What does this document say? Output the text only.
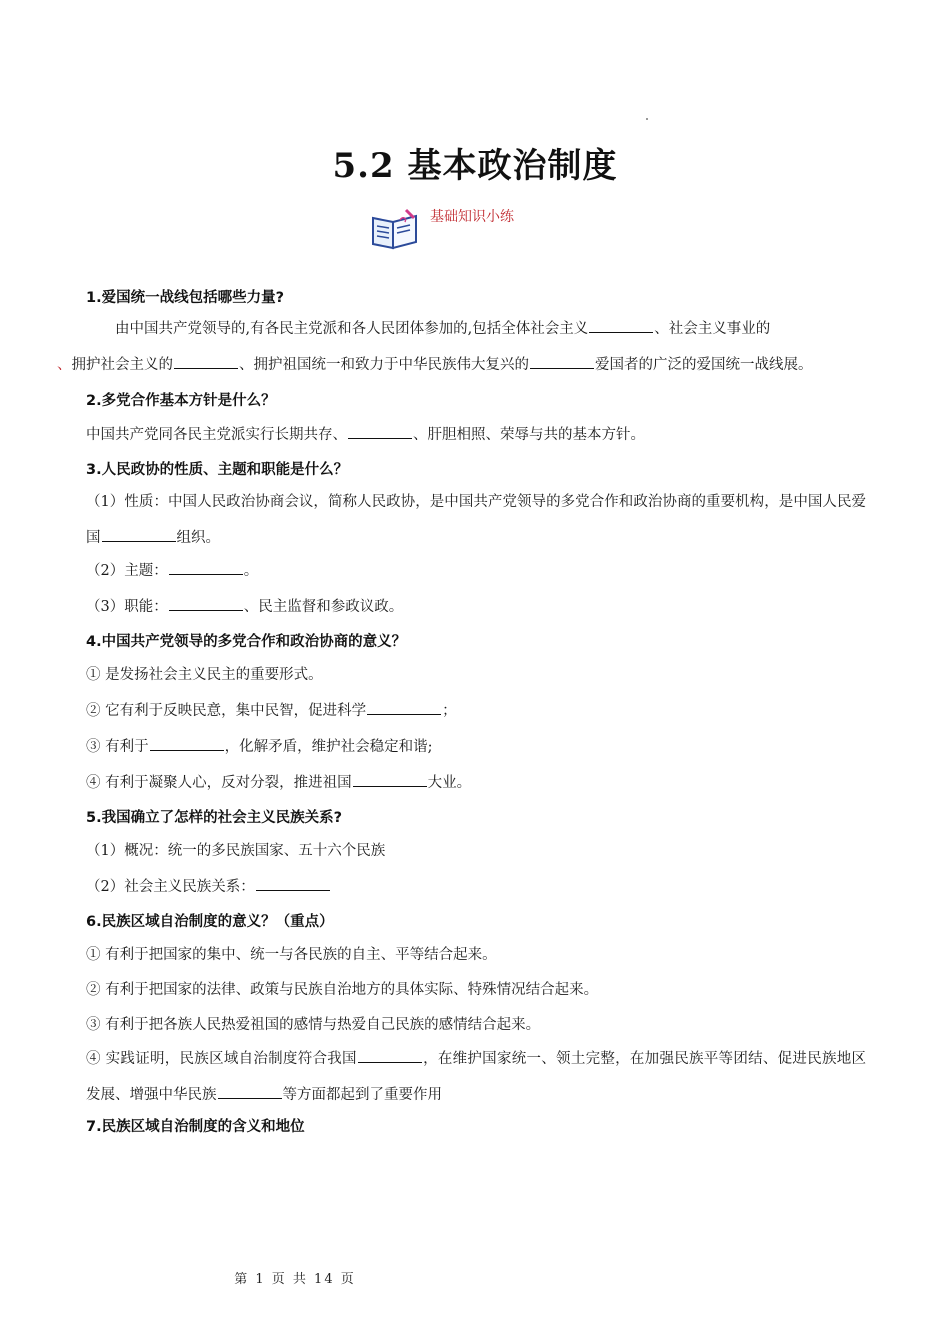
5.2 基本政治制度
基础知识小练
1.爱国统一战线包括哪些力量?
由中国共产党领导的,有各民主党派和各人民团体参加的,包括全体社会主义	、社会主义事业的
、拥护社会主义的	、拥护祖国统一和致力于中华民族伟大复兴的	爱国者的广泛的爱国统一战线展。
2.多党合作基本方针是什么？
中国共产党同各民主党派实行长期共存、	、肝胆相照、荣辱与共的基本方针。
3.人民政协的性质、主题和职能是什么？
（1）性质：中国人民政治协商会议，简称人民政协，是中国共产党领导的多党合作和政治协商的重要机构，是中国人民爱国	组织。
（2）主题：	。
（3）职能：	、民主监督和参政议政。
4.中国共产党领导的多党合作和政治协商的意义？
① 是发扬社会主义民主的重要形式。
② 它有利于反映民意，集中民智，促进科学	；
③ 有利于	，化解矛盾，维护社会稳定和谐;
④ 有利于凝聚人心，反对分裂，推进祖国	大业。
5.我国确立了怎样的社会主义民族关系?
（1）概况：统一的多民族国家、五十六个民族
（2）社会主义民族关系：
6.民族区域自治制度的意义？（重点）
① 有利于把国家的集中、统一与各民族的自主、平等结合起来。
② 有利于把国家的法律、政策与民族自治地方的具体实际、特殊情况结合起来。
③ 有利于把各族人民热爱祖国的感情与热爱自己民族的感情结合起来。
④ 实践证明，民族区域自治制度符合我国	，在维护国家统一、领土完整，在加强民族平等团结、促进民族地区发展、增强中华民族	等方面都起到了重要作用
7.民族区域自治制度的含义和地位
第 1 页 共 14 页
